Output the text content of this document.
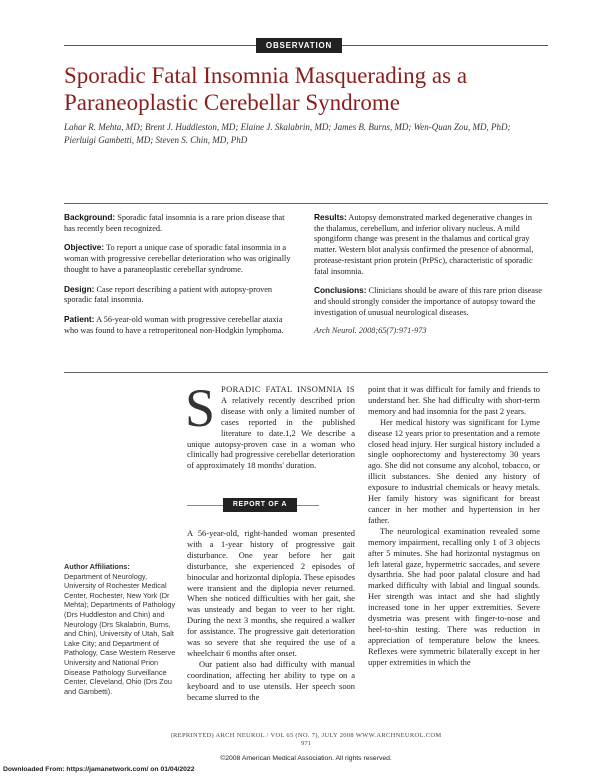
OBSERVATION
Sporadic Fatal Insomnia Masquerading as a Paraneoplastic Cerebellar Syndrome
Lahar R. Mehta, MD; Brent J. Huddleston, MD; Elaine J. Skalabrin, MD; James B. Burns, MD; Wen-Quan Zou, MD, PhD; Pierluigi Gambetti, MD; Steven S. Chin, MD, PhD

Background: Sporadic fatal insomnia is a rare prion disease that has recently been recognized.

Objective: To report a unique case of sporadic fatal insomnia in a woman with progressive cerebellar deterioration who was originally thought to have a paraneoplastic cerebellar syndrome.

Design: Case report describing a patient with autopsy-proven sporadic fatal insomnia.

Patient: A 56-year-old woman with progressive cerebellar ataxia who was found to have a retroperitoneal non-Hodgkin lymphoma.

Results: Autopsy demonstrated marked degenerative changes in the thalamus, cerebellum, and inferior olivary nucleus. A mild spongiform change was present in the thalamus and cortical gray matter. Western blot analysis confirmed the presence of abnormal, protease-resistant prion protein (PrPSc), characteristic of sporadic fatal insomnia.

Conclusions: Clinicians should be aware of this rare prion disease and should strongly consider the importance of autopsy toward the investigation of unusual neurological diseases.

Arch Neurol. 2008;65(7):971-973

SPORADIC FATAL INSOMNIA IS A relatively recently described prion disease with only a limited number of cases reported in the published literature to date.1,2 We describe a unique autopsy-proven case in a woman who clinically had progressive cerebellar deterioration of approximately 18 months' duration.
REPORT OF A CASE

A 56-year-old, right-handed woman presented with a 1-year history of progressive gait disturbance. One year before her gait disturbance, she experienced 2 episodes of binocular and horizontal diplopia. These episodes were transient and the diplopia never returned. When she noticed difficulties with her gait, she was unsteady and began to veer to her right. During the next 3 months, she required a walker for assistance. The progressive gait deterioration was so severe that she required the use of a wheelchair 6 months after onset.

Our patient also had difficulty with manual coordination, affecting her ability to type on a keyboard and to use utensils. Her speech soon became slurred to the

point that it was difficult for family and friends to understand her. She had difficulty with short-term memory and had insomnia for the past 2 years.

Her medical history was significant for Lyme disease 12 years prior to presentation and a remote closed head injury. Her surgical history included a single oophorectomy and hysterectomy 30 years ago. She did not consume any alcohol, tobacco, or illicit substances. She denied any history of exposure to industrial chemicals or heavy metals. Her family history was significant for breast cancer in her mother and hypertension in her father.

The neurological examination revealed some memory impairment, recalling only 1 of 3 objects after 5 minutes. She had horizontal nystagmus on left lateral gaze, hypermetric saccades, and severe dysarthria. She had poor palatal closure and had marked difficulty with labial and lingual sounds. Her strength was intact and she had slightly increased tone in her upper extremities. Severe dysmetria was present with finger-to-nose and heel-to-shin testing. There was reduction in appreciation of temperature below the knees. Reflexes were symmetric bilaterally except in her upper extremities in which the

Author Affiliations:
Department of Neurology, University of Rochester Medical Center, Rochester, New York (Dr Mehta); Departments of Pathology (Drs Huddleston and Chin) and Neurology (Drs Skalabrin, Burns, and Chin), University of Utah, Salt Lake City; and Department of Pathology, Case Western Reserve University and National Prion Disease Pathology Surveillance Center, Cleveland, Ohio (Drs Zou and Gambetti).
(REPRINTED) ARCH NEUROL / VOL 65 (NO. 7), JULY 2008 WWW.ARCHNEUROL.COM
971
©2008 American Medical Association. All rights reserved.
Downloaded From: https://jamanetwork.com/ on 01/04/2022
